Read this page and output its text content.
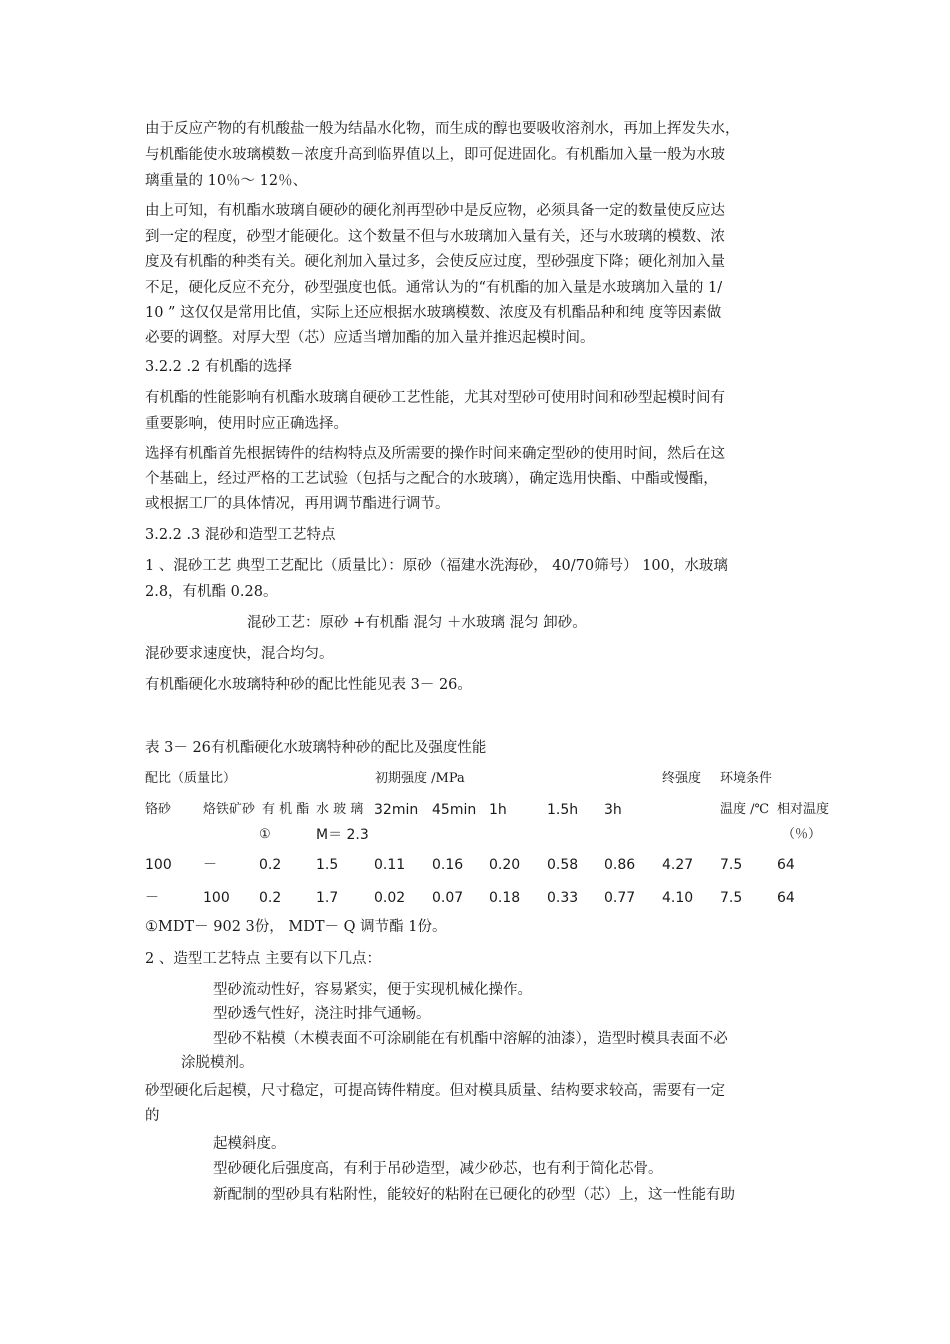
由于反应产物的有机酸盐一般为结晶水化物，而生成的醇也要吸收溶剂水，再加上挥发失水，
与机酯能使水玻璃模数－浓度升高到临界值以上，即可促进固化。有机酯加入量一般为水玻
璃重量的 10％～ 12％、
由上可知，有机酯水玻璃自硬砂的硬化剂再型砂中是反应物，必须具备一定的数量使反应达
到一定的程度，砂型才能硬化。这个数量不但与水玻璃加入量有关，还与水玻璃的模数、浓
度及有机酯的种类有关。硬化剂加入量过多，会使反应过度，型砂强度下降；硬化剂加入量
不足，硬化反应不充分，砂型强度也低。通常认为的“有机酯的加入量是水玻璃加入量的 1/
10 ” 这仅仅是常用比值，实际上还应根据水玻璃模数、浓度及有机酯品种和纯 度等因素做
必要的调整。对厚大型（芯）应适当增加酯的加入量并推迟起模时间。
3.2.2 .2 有机酯的选择
有机酯的性能影响有机酯水玻璃自硬砂工艺性能，尤其对型砂可使用时间和砂型起模时间有
重要影响，使用时应正确选择。
选择有机酯首先根据铸件的结构特点及所需要的操作时间来确定型砂的使用时间，然后在这
个基础上，经过严格的工艺试验（包括与之配合的水玻璃），确定选用快酯、中酯或慢酯，
或根据工厂的具体情况，再用调节酯进行调节。
3.2.2 .3 混砂和造型工艺特点
1 、混砂工艺 典型工艺配比（质量比）：原砂（福建水洗海砂， 40/70筛号） 100，水玻璃
2.8，有机酯 0.28。
混砂工艺：原砂 +有机酯 混匀 ＋水玻璃 混匀 卸砂。
混砂要求速度快，混合均匀。
有机酯硬化水玻璃特种砂的配比性能见表 3－ 26。
表 3－ 26有机酯硬化水玻璃特种砂的配比及强度性能
配比（质量比）	初期强度 /MPa	终强度 环境条件
铬砂 烙铁矿砂 有 机 酯 水 玻 璃 32min 45min 1h	1.5h 3h	温度 /℃ 相对温度
①	M＝ 2.3	（％）
100 －	0.2 1.5	0.11 0.16 0.20 0.58 0.86 4.27 7.5 64
－	100 0.2 1.7	0.02 0.07 0.18 0.33 0.77 4.10 7.5 64
①MDT－ 902 3份， MDT－ Q 调节酯 1份。
2 、造型工艺特点 主要有以下几点：
型砂流动性好，容易紧实，便于实现机械化操作。
型砂透气性好，浇注时排气通畅。
型砂不粘模（木模表面不可涂刷能在有机酯中溶解的油漆），造型时模具表面不必
涂脱模剂。
砂型硬化后起模，尺寸稳定，可提高铸件精度。但对模具质量、结构要求较高，需要有一定
的
起模斜度。
型砂硬化后强度高，有利于吊砂造型，减少砂芯，也有利于简化芯骨。
新配制的型砂具有粘附性，能较好的粘附在已硬化的砂型（芯）上，这一性能有助
